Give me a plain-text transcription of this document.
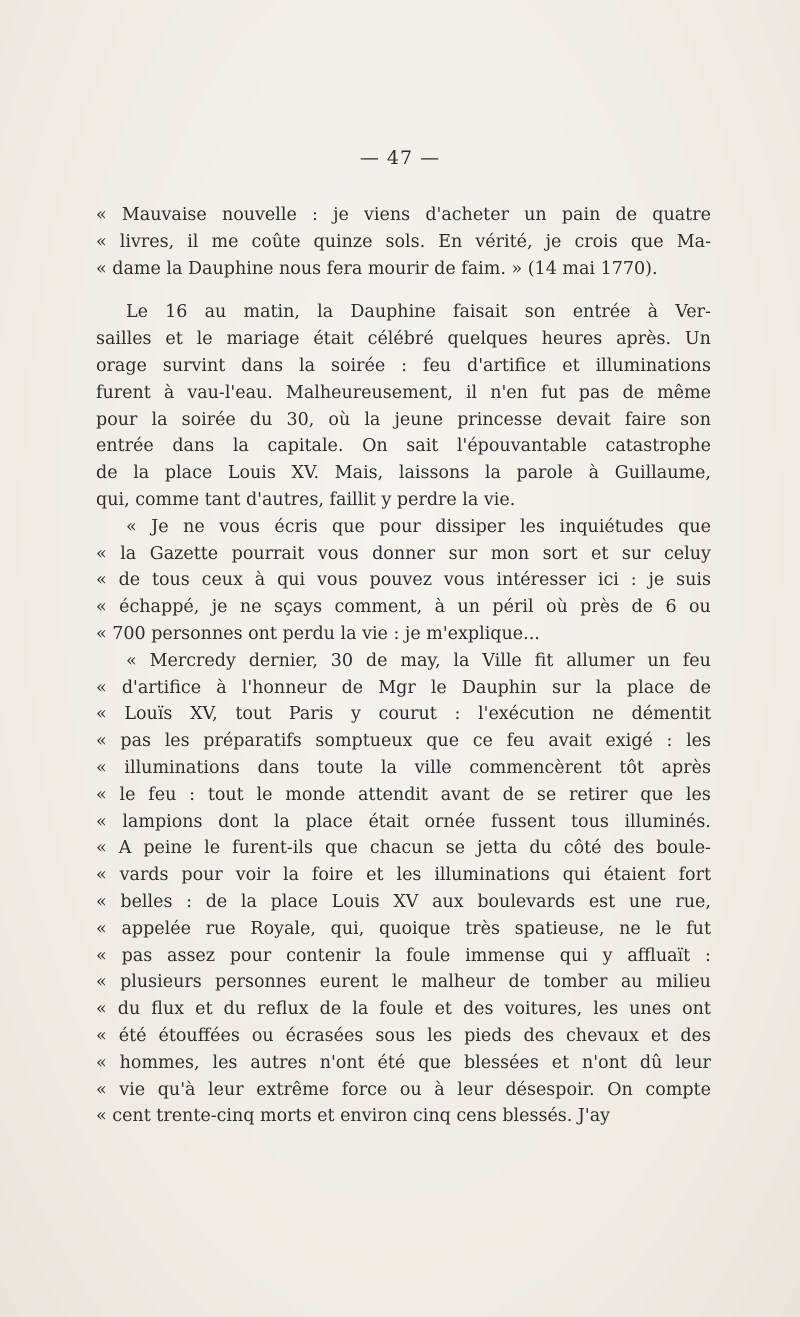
— 47 —
« Mauvaise nouvelle : je viens d'acheter un pain de quatre
« livres, il me coûte quinze sols. En vérité, je crois que Ma-
« dame la Dauphine nous fera mourir de faim. » (14 mai 1770).
Le 16 au matin, la Dauphine faisait son entrée à Ver-
sailles et le mariage était célébré quelques heures après. Un
orage survint dans la soirée : feu d'artifice et illuminations
furent à vau-l'eau. Malheureusement, il n'en fut pas de même
pour la soirée du 30, où la jeune princesse devait faire son
entrée dans la capitale. On sait l'épouvantable catastrophe
de la place Louis XV. Mais, laissons la parole à Guillaume,
qui, comme tant d'autres, faillit y perdre la vie.
« Je ne vous écris que pour dissiper les inquiétudes que
« la Gazette pourrait vous donner sur mon sort et sur celuy
« de tous ceux à qui vous pouvez vous intéresser ici : je suis
« échappé, je ne sçays comment, à un péril où près de 6 ou
« 700 personnes ont perdu la vie : je m'explique...
« Mercredy dernier, 30 de may, la Ville fit allumer un feu
« d'artifice à l'honneur de Mgr le Dauphin sur la place de
« Louïs XV, tout Paris y courut : l'exécution ne démentit
« pas les préparatifs somptueux que ce feu avait exigé : les
« illuminations dans toute la ville commencèrent tôt après
« le feu : tout le monde attendit avant de se retirer que les
« lampions dont la place était ornée fussent tous illuminés.
« A peine le furent-ils que chacun se jetta du côté des boule-
« vards pour voir la foire et les illuminations qui étaient fort
« belles : de la place Louis XV aux boulevards est une rue,
« appelée rue Royale, qui, quoique très spatieuse, ne le fut
« pas assez pour contenir la foule immense qui y affluaït :
« plusieurs personnes eurent le malheur de tomber au milieu
« du flux et du reflux de la foule et des voitures, les unes ont
« été étouffées ou écrasées sous les pieds des chevaux et des
« hommes, les autres n'ont été que blessées et n'ont dû leur
« vie qu'à leur extrême force ou à leur désespoir. On compte
« cent trente-cinq morts et environ cinq cens blessés. J'ay
